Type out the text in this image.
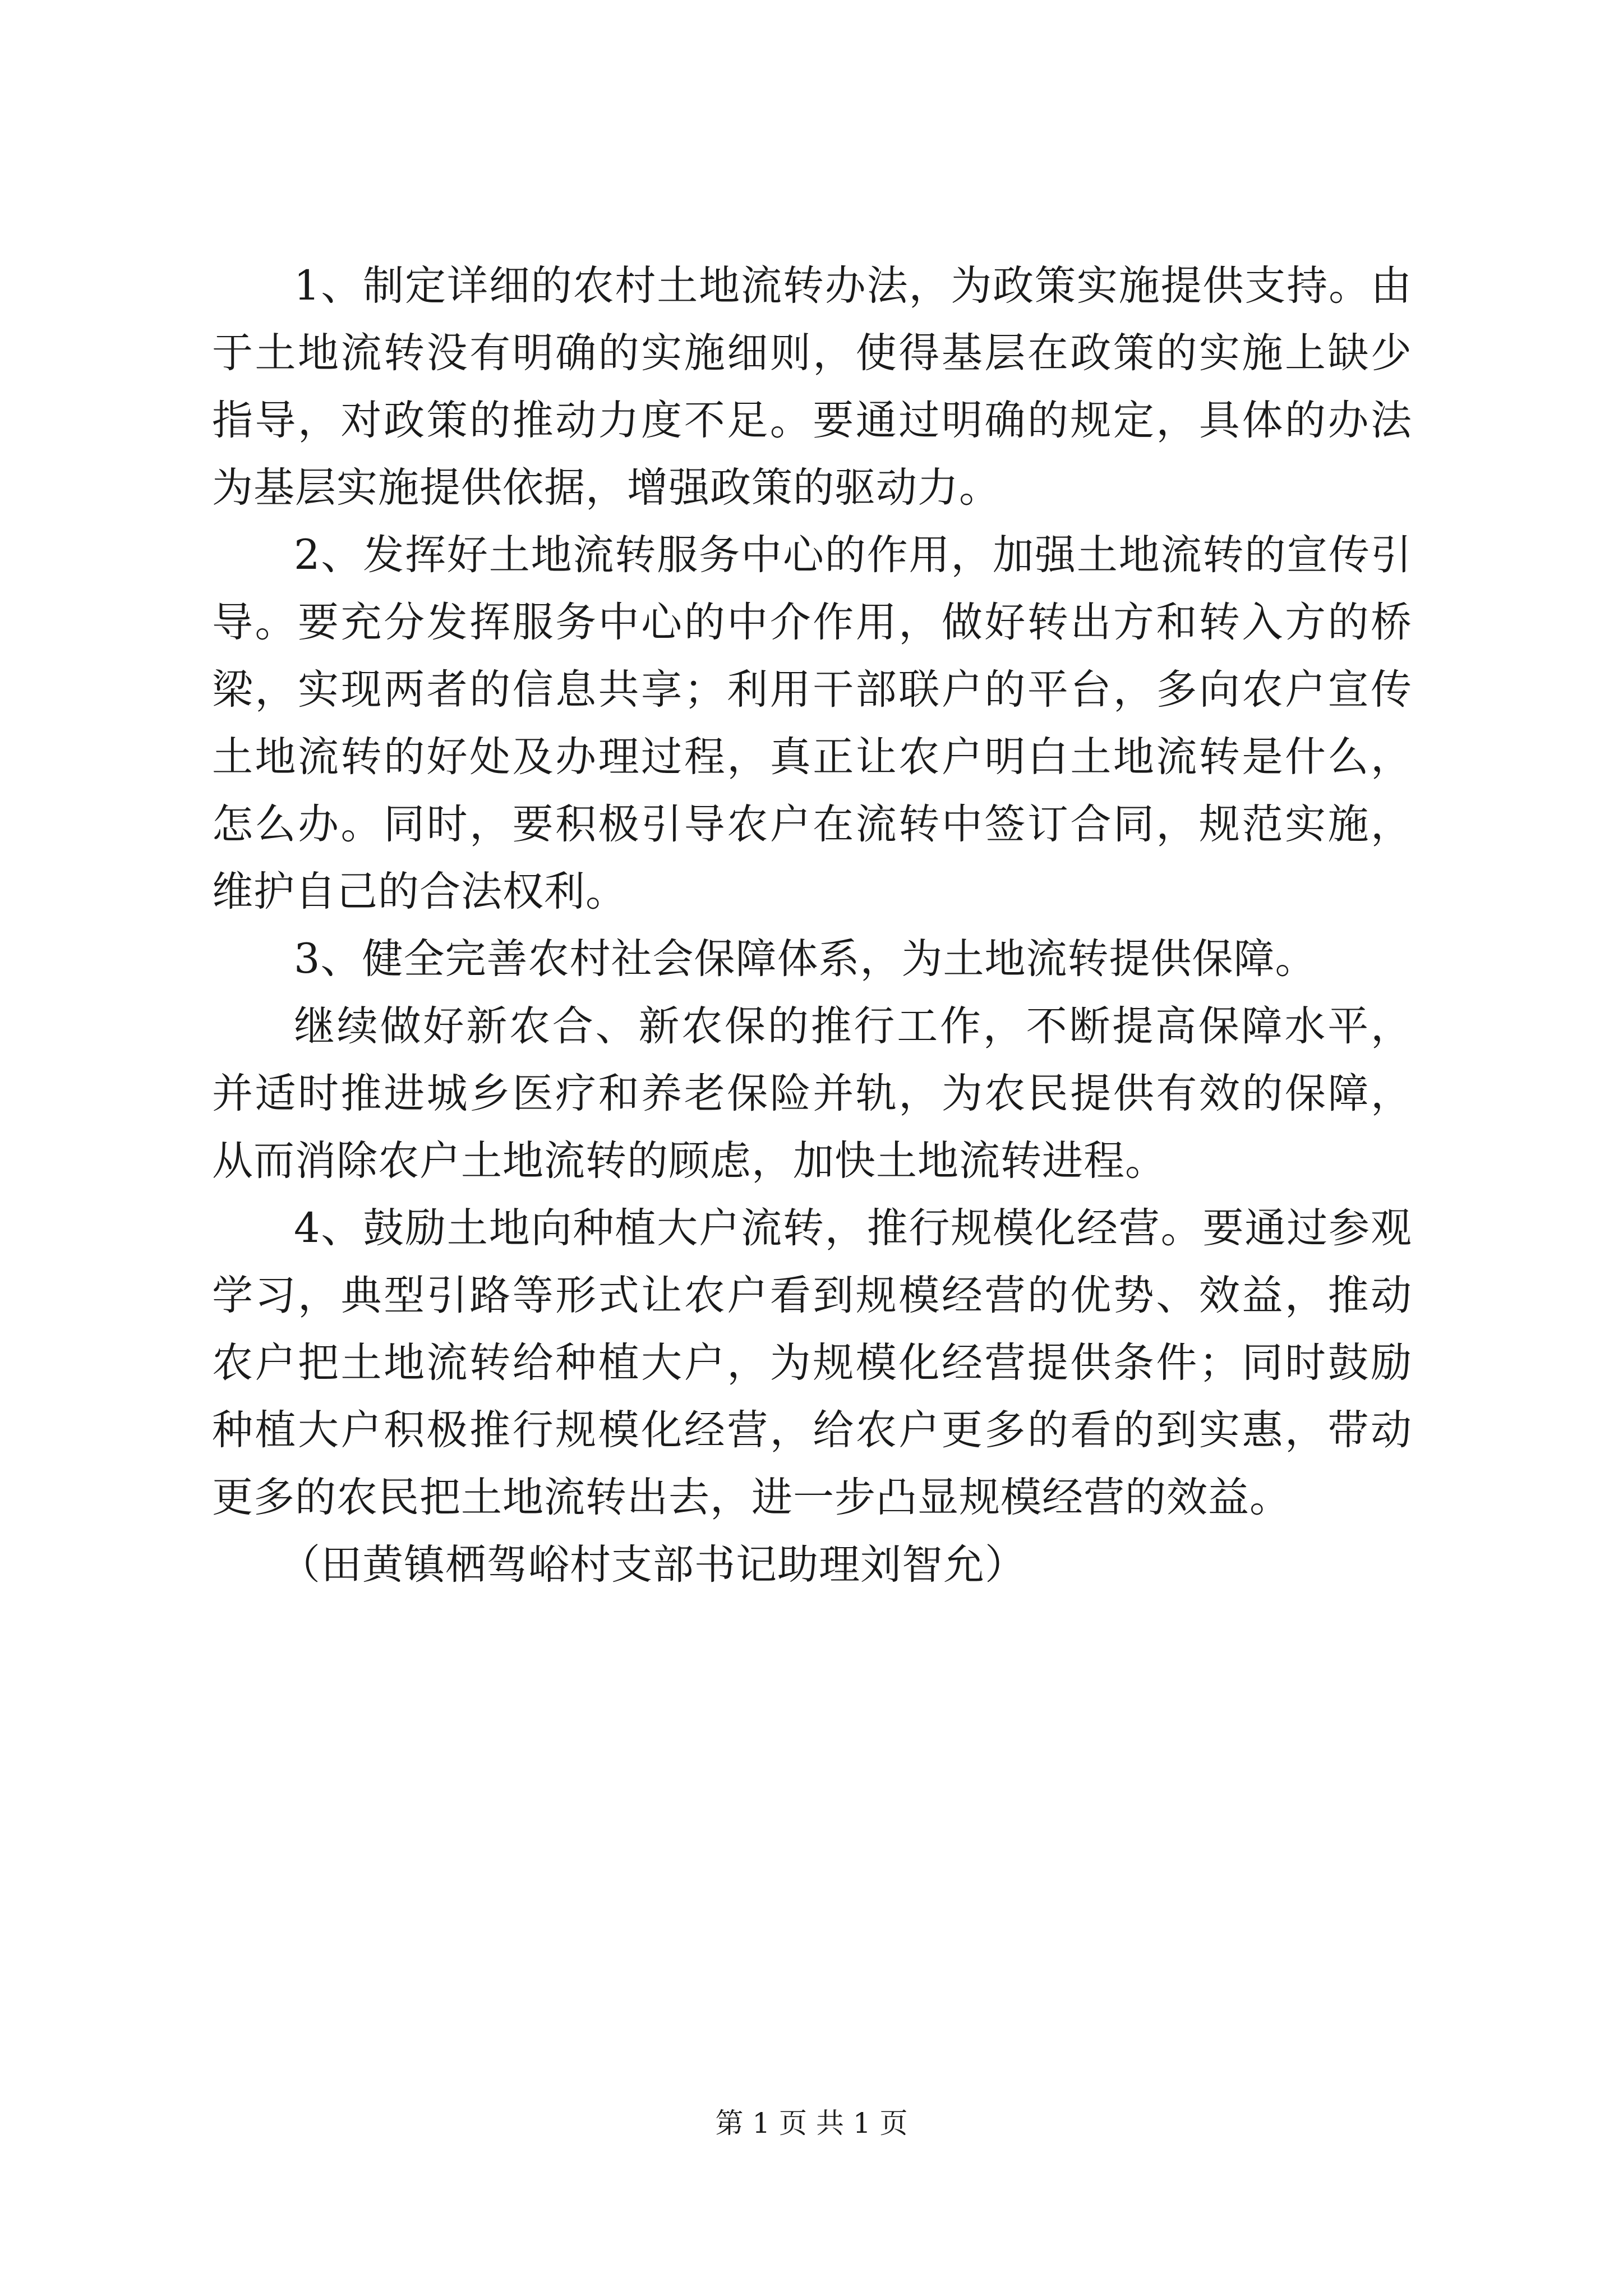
1、制定详细的农村土地流转办法，为政策实施提供支持。由于土地流转没有明确的实施细则，使得基层在政策的实施上缺少指导，对政策的推动力度不足。要通过明确的规定，具体的办法为基层实施提供依据，增强政策的驱动力。

2、发挥好土地流转服务中心的作用，加强土地流转的宣传引导。要充分发挥服务中心的中介作用，做好转出方和转入方的桥梁，实现两者的信息共享；利用干部联户的平台，多向农户宣传土地流转的好处及办理过程，真正让农户明白土地流转是什么，怎么办。同时，要积极引导农户在流转中签订合同，规范实施，维护自己的合法权利。

3、健全完善农村社会保障体系，为土地流转提供保障。

继续做好新农合、新农保的推行工作，不断提高保障水平，并适时推进城乡医疗和养老保险并轨，为农民提供有效的保障，从而消除农户土地流转的顾虑，加快土地流转进程。

4、鼓励土地向种植大户流转，推行规模化经营。要通过参观学习，典型引路等形式让农户看到规模经营的优势、效益，推动农户把土地流转给种植大户，为规模化经营提供条件；同时鼓励种植大户积极推行规模化经营，给农户更多的看的到实惠，带动更多的农民把土地流转出去，进一步凸显规模经营的效益。

（田黄镇栖驾峪村支部书记助理刘智允）

第 1 页 共 1 页
